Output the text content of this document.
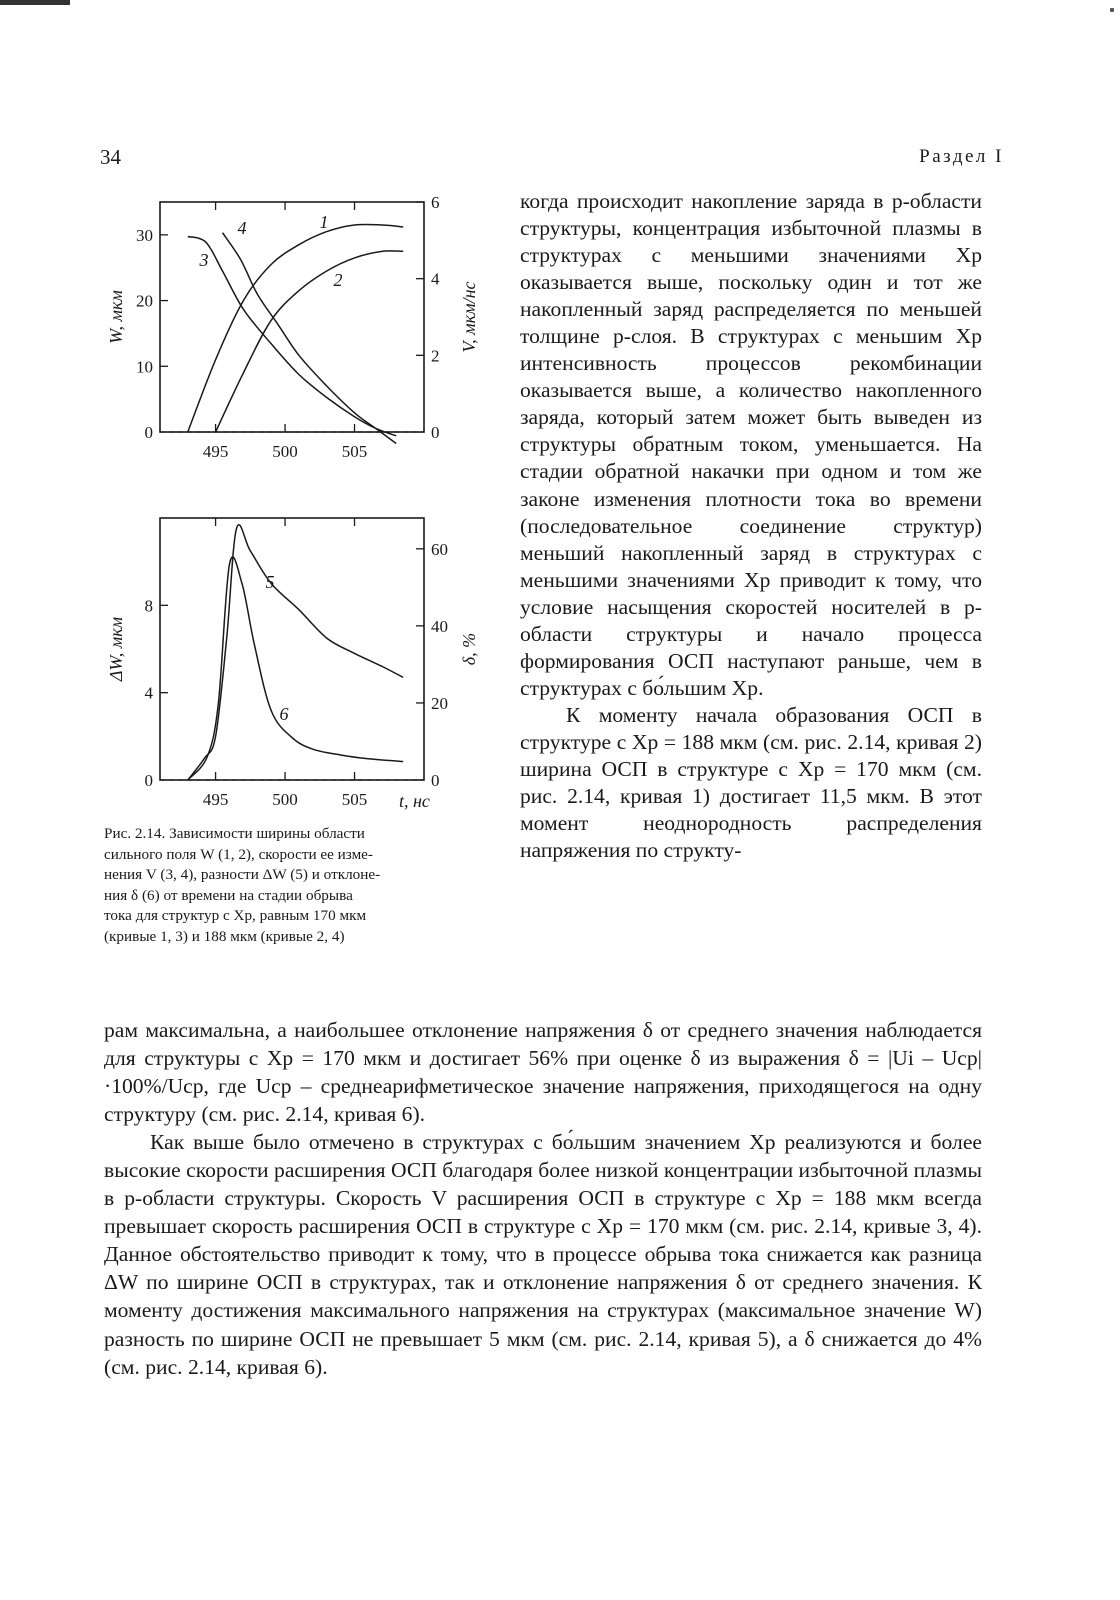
34	Раздел I
495	500	505
0
10
20
30
0
2
4
6
1
2
3
4
W, мкм	V, мкм/нс
495	500	505
0
4
8
0
20
40
60
5
6
ΔW, мкм	δ, %
t, нс

Рис. 2.14. Зависимости ширины области

сильного поля W (1, 2), скорости ее изме-

нения V (3, 4), разности ΔW (5) и отклоне-

ния δ (6) от времени на стадии обрыва

тока для структур с Xp, равным 170 мкм

(кривые 1, 3) и 188 мкм (кривые 2, 4)

когда происходит накопление заряда в p-области структуры, концентрация избыточной плазмы в структурах с меньшими значениями Xp оказывается выше, поскольку один и тот же накопленный заряд распределяется по меньшей толщине p-слоя. В структурах с меньшим Xp интенсивность процессов рекомбинации оказывается выше, а количество накопленного заряда, который затем может быть выведен из структуры обратным током, уменьшается. На стадии обратной накачки при одном и том же законе изменения плотности тока во времени (последовательное соединение структур) меньший накопленный заряд в структурах с меньшими значениями Xp приводит к тому, что условие насыщения скоростей носителей в p-области структуры и начало процесса формирования ОСП наступают раньше, чем в структурах с бо́льшим Xp.

К моменту начала образования ОСП в структуре с Xp = 188 мкм (см. рис. 2.14, кривая 2) ширина ОСП в структуре с Xp = 170 мкм (см. рис. 2.14, кривая 1) достигает 11,5 мкм. В этот момент неоднородность распределения напряжения по структу-

рам максимальна, а наибольшее отклонение напряжения δ от среднего значения наблюдается для структуры с Xp = 170 мкм и достигает 56% при оценке δ из выражения δ = |Ui – Uср|·100%/Uср, где Uср – среднеарифметическое значение напряжения, приходящегося на одну структуру (см. рис. 2.14, кривая 6).

Как выше было отмечено в структурах с бо́льшим значением Xp реализуются и более высокие скорости расширения ОСП благодаря более низкой концентрации избыточной плазмы в p-области структуры. Скорость V расширения ОСП в структуре с Xp = 188 мкм всегда превышает скорость расширения ОСП в структуре с Xp = 170 мкм (см. рис. 2.14, кривые 3, 4). Данное обстоятельство приводит к тому, что в процессе обрыва тока снижается как разница ΔW по ширине ОСП в структурах, так и отклонение напряжения δ от среднего значения. К моменту достижения максимального напряжения на структурах (максимальное значение W) разность по ширине ОСП не превышает 5 мкм (см. рис. 2.14, кривая 5), а δ снижается до 4% (см. рис. 2.14, кривая 6).
